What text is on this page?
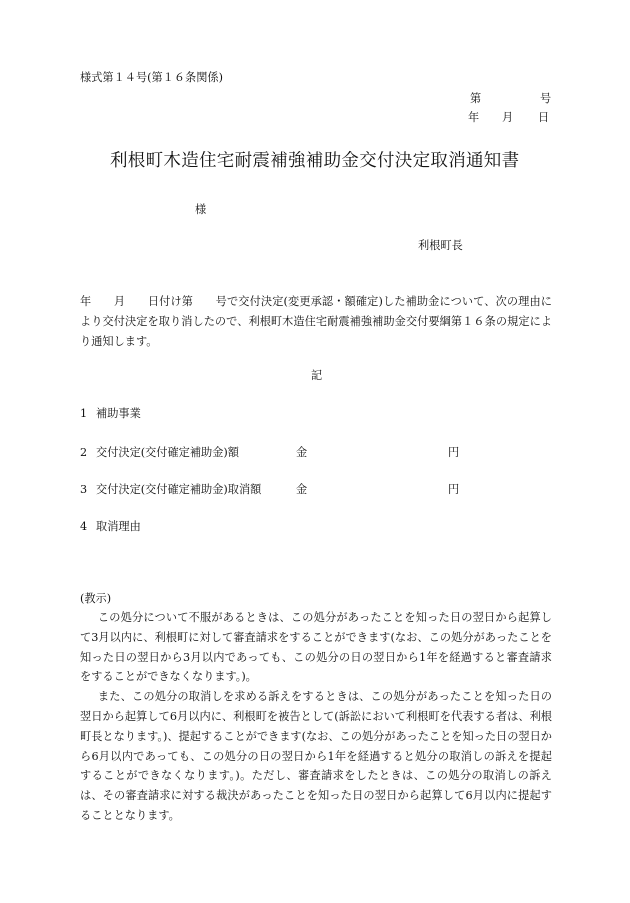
様式第１４号(第１６条関係)
第	号
年 月 日
利根町木造住宅耐震補強補助金交付決定取消通知書
様
利根町長
年　　月　　日付け第　　号で交付決定(変更承認・額確定)した補助金について、次の理由により交付決定を取り消したので、利根町木造住宅耐震補強補助金交付要綱第１６条の規定により通知します。
記
1 補助事業
2 交付決定(交付確定補助金)額	金	円
3 交付決定(交付確定補助金)取消額	金	円
4 取消理由
(教示)

この処分について不服があるときは、この処分があったことを知った日の翌日から起算して3月以内に、利根町に対して審査請求をすることができます(なお、この処分があったことを知った日の翌日から3月以内であっても、この処分の日の翌日から1年を経過すると審査請求をすることができなくなります。)。

また、この処分の取消しを求める訴えをするときは、この処分があったことを知った日の翌日から起算して6月以内に、利根町を被告として(訴訟において利根町を代表する者は、利根町長となります。)、提起することができます(なお、この処分があったことを知った日の翌日から6月以内であっても、この処分の日の翌日から1年を経過すると処分の取消しの訴えを提起することができなくなります。)。ただし、審査請求をしたときは、この処分の取消しの訴えは、その審査請求に対する裁決があったことを知った日の翌日から起算して6月以内に提起することとなります。
